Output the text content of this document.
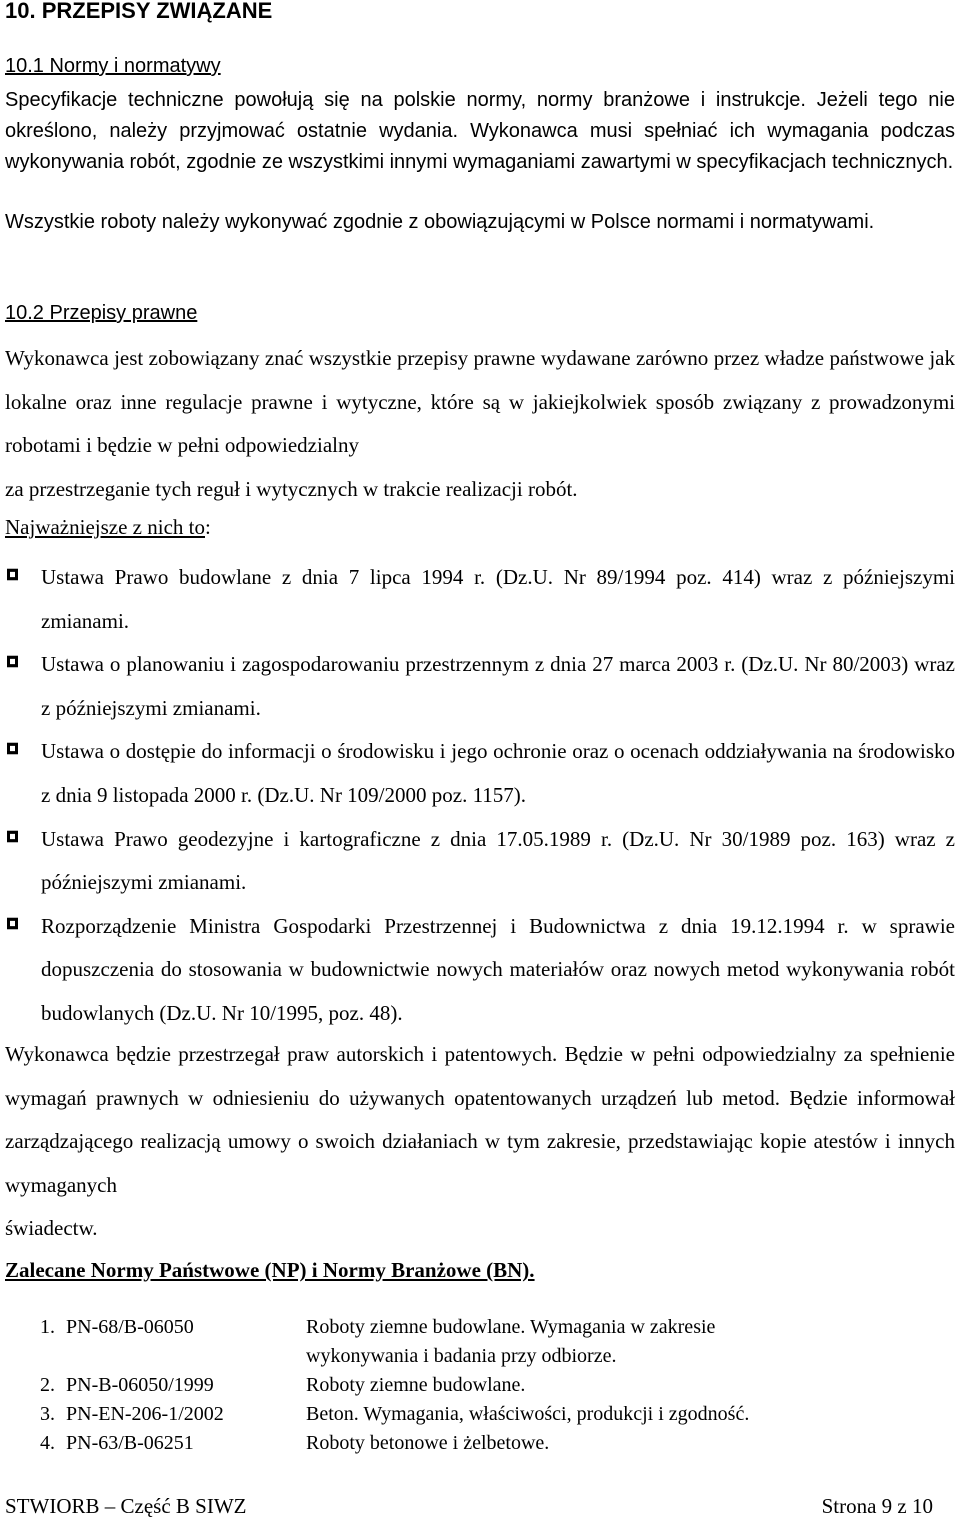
10. PRZEPISY ZWIĄZANE
10.1 Normy i normatywy

Specyfikacje techniczne powołują się na polskie normy, normy branżowe i instrukcje. Jeżeli tego nie określono, należy przyjmować ostatnie wydania. Wykonawca musi spełniać ich wymagania podczas wykonywania robót, zgodnie ze wszystkimi innymi wymaganiami zawartymi w specyfikacjach technicznych.

Wszystkie roboty należy wykonywać zgodnie z obowiązującymi w Polsce normami i normatywami.

10.2 Przepisy prawne

Wykonawca jest zobowiązany znać wszystkie przepisy prawne wydawane zarówno przez władze państwowe jak lokalne oraz inne regulacje prawne i wytyczne, które są w jakiejkolwiek sposób związany z prowadzonymi robotami i będzie w pełni odpowiedzialny
za przestrzeganie tych reguł i wytycznych w trakcie realizacji robót.

Najważniejsze z nich to:

Ustawa Prawo budowlane z dnia 7 lipca 1994 r. (Dz.U. Nr 89/1994 poz. 414) wraz z późniejszymi zmianami.
Ustawa o planowaniu i zagospodarowaniu przestrzennym z dnia 27 marca 2003 r. (Dz.U. Nr 80/2003) wraz z późniejszymi zmianami.
Ustawa o dostępie do informacji o środowisku i jego ochronie oraz o ocenach oddziaływania na środowisko z dnia 9 listopada 2000 r. (Dz.U. Nr 109/2000 poz. 1157).
Ustawa Prawo geodezyjne i kartograficzne z dnia 17.05.1989 r. (Dz.U. Nr 30/1989 poz. 163) wraz z późniejszymi zmianami.
Rozporządzenie Ministra Gospodarki Przestrzennej i Budownictwa z dnia 19.12.1994 r. w sprawie dopuszczenia do stosowania w budownictwie nowych materiałów oraz nowych metod wykonywania robót budowlanych (Dz.U. Nr 10/1995, poz. 48).

Wykonawca będzie przestrzegał praw autorskich i patentowych. Będzie w pełni odpowiedzialny za spełnienie wymagań prawnych w odniesieniu do używanych opatentowanych urządzeń lub metod. Będzie informował zarządzającego realizacją umowy o swoich działaniach w tym zakresie, przedstawiając kopie atestów i innych wymaganych
świadectw.

Zalecane Normy Państwowe (NP) i Normy Branżowe (BN).

1.	PN-68/B-06050	Roboty ziemne budowlane. Wymagania w zakresie
wykonywania i badania przy odbiorze.
2.	PN-B-06050/1999	Roboty ziemne budowlane.
3.	PN-EN-206-1/2002	Beton. Wymagania, właściwości, produkcji i zgodność.
4.	PN-63/B-06251	Roboty betonowe i żelbetowe.
STWIORB – Część B SIWZ	Strona 9 z 10
